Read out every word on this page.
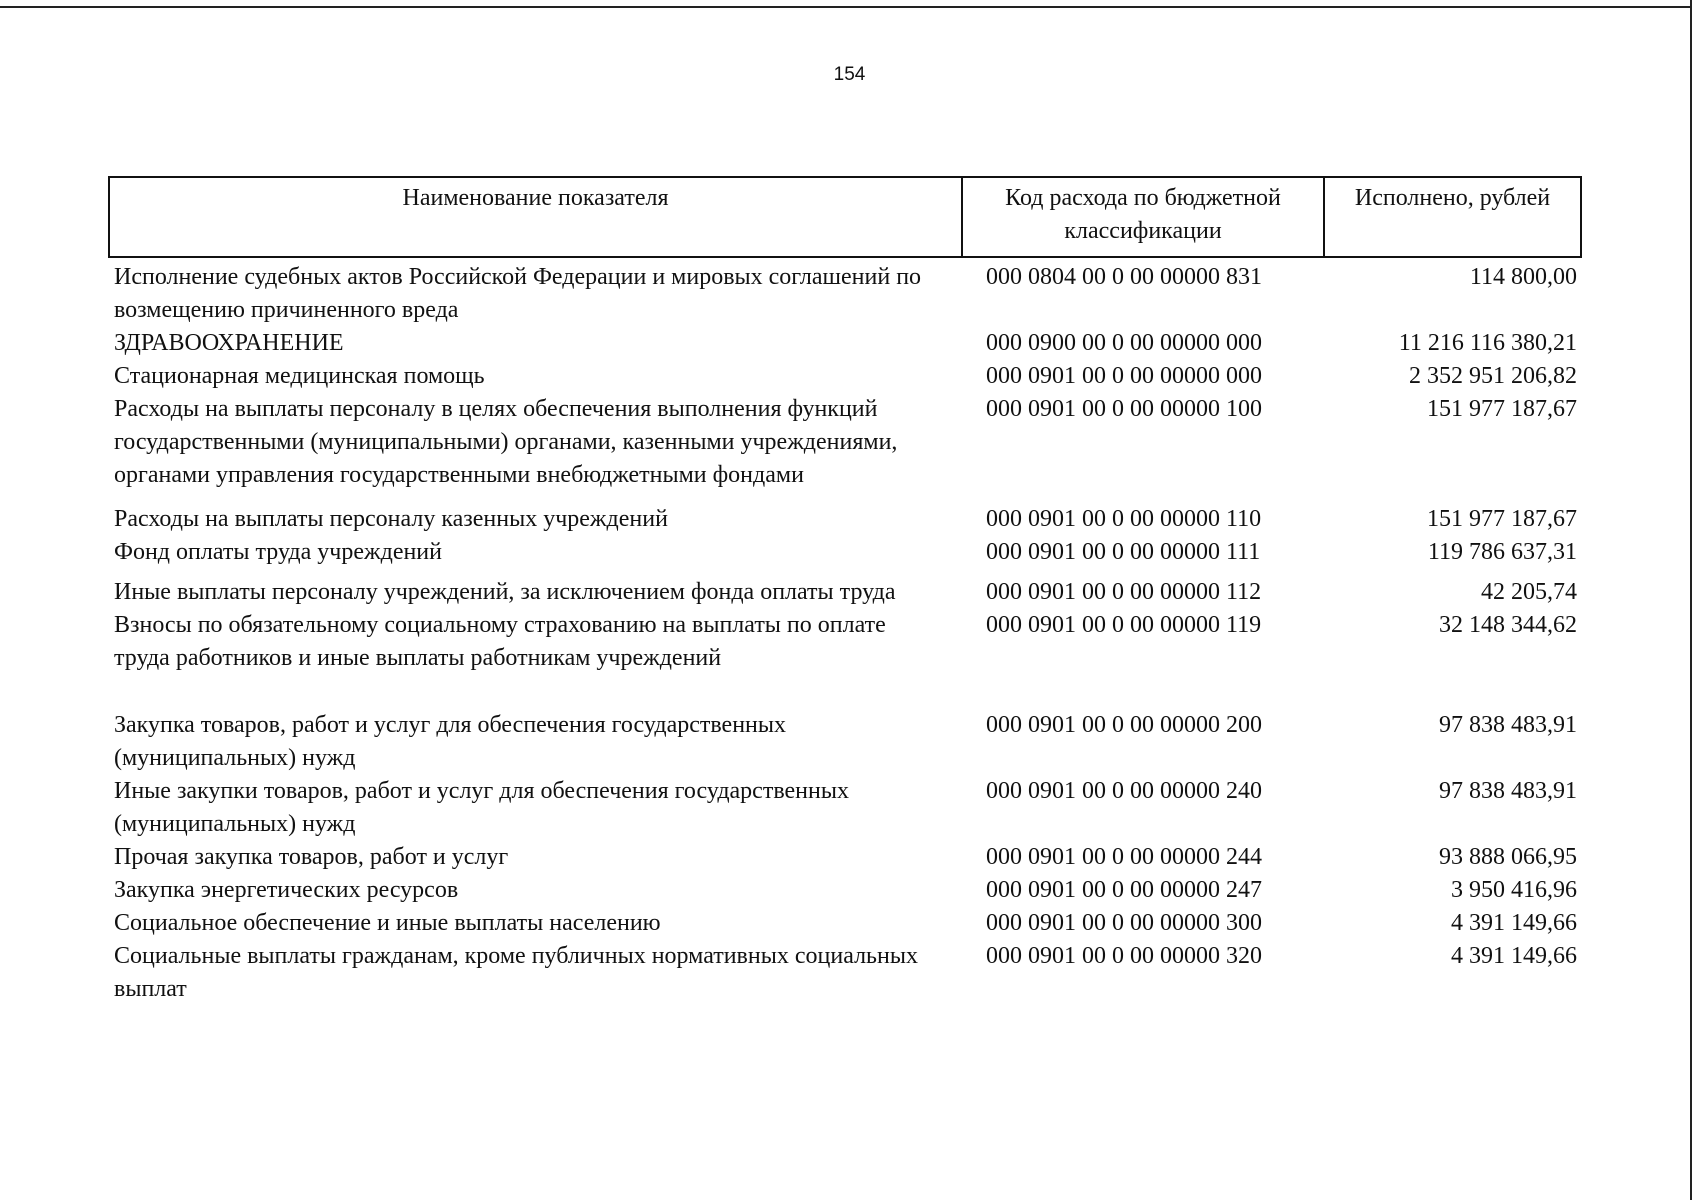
154
Наименование показателя	Код расхода по бюджетной классификации	Исполнено, рублей
Исполнение судебных актов Российской Федерации и мировых соглашений по возмещению причиненного вреда	000 0804 00 0 00 00000 831	114 800,00
ЗДРАВООХРАНЕНИЕ	000 0900 00 0 00 00000 000	11 216 116 380,21
Стационарная медицинская помощь	000 0901 00 0 00 00000 000	2 352 951 206,82
Расходы на выплаты персоналу в целях обеспечения выполнения функций государственными (муниципальными) органами, казенными учреждениями, органами управления государственными внебюджетными фондами	000 0901 00 0 00 00000 100	151 977 187,67
Расходы на выплаты персоналу казенных учреждений	000 0901 00 0 00 00000 110	151 977 187,67
Фонд оплаты труда учреждений	000 0901 00 0 00 00000 111	119 786 637,31
Иные выплаты персоналу учреждений, за исключением фонда оплаты труда	000 0901 00 0 00 00000 112	42 205,74
Взносы по обязательному социальному страхованию на выплаты по оплате труда работников и иные выплаты работникам учреждений	000 0901 00 0 00 00000 119	32 148 344,62
Закупка товаров, работ и услуг для обеспечения государственных (муниципальных) нужд	000 0901 00 0 00 00000 200	97 838 483,91
Иные закупки товаров, работ и услуг для обеспечения государственных (муниципальных) нужд	000 0901 00 0 00 00000 240	97 838 483,91
Прочая закупка товаров, работ и услуг	000 0901 00 0 00 00000 244	93 888 066,95
Закупка энергетических ресурсов	000 0901 00 0 00 00000 247	3 950 416,96
Социальное обеспечение и иные выплаты населению	000 0901 00 0 00 00000 300	4 391 149,66
Социальные выплаты гражданам, кроме публичных нормативных социальных выплат	000 0901 00 0 00 00000 320	4 391 149,66
